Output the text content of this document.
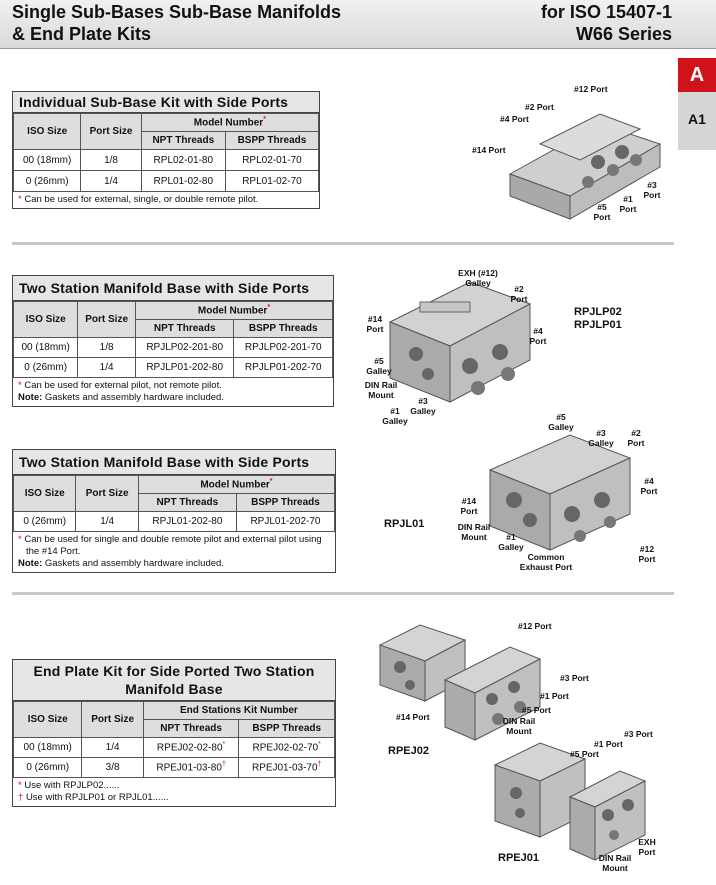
Single Sub-Bases Sub-Base Manifolds
& End Plate Kits
for ISO 15407-1
W66 Series
A
A1
Individual Sub-Base Kit with Side Ports
ISO Size	Port Size	Model Number*
		NPT Threads	BSPP Threads
00 (18mm)	1/8	RPL02-01-80	RPL02-01-70
0 (26mm)	1/4	RPL01-02-80	RPL01-02-70
* Can be used for external, single, or double remote pilot.
#12 Port
#2 Port
#4 Port
#14 Port
#3 Port
#1 Port
#5 Port
Two Station Manifold Base with Side Ports
ISO Size	Port Size	Model Number*
		NPT Threads	BSPP Threads
00 (18mm)	1/8	RPJLP02-201-80	RPJLP02-201-70
0 (26mm)	1/4	RPJLP01-202-80	RPJLP01-202-70
* Can be used for external pilot, not remote pilot.
Note: Gaskets and assembly hardware included.
EXH (#12) Galley
#2 Port
#14 Port	#4 Port
#5 Galley
DIN Rail Mount
#3 Galley
#1 Galley
RPJLP02
RPJLP01
Two Station Manifold Base with Side Ports
ISO Size	Port Size	Model Number*
		NPT Threads	BSPP Threads
0 (26mm)	1/4	RPJL01-202-80	RPJL01-202-70
* Can be used for single and double remote pilot and external pilot using
the #14 Port.
Note: Gaskets and assembly hardware included.
#5 Galley
#3 Galley
#2 Port
#4 Port
#14 Port
DIN Rail Mount	#1 Galley
Common Exhaust Port
#12 Port
RPJL01
End Plate Kit for Side Ported Two Station
Manifold Base
ISO Size	Port Size	End Stations Kit Number	
		NPT Threads	BSPP Threads
00 (18mm)	1/4	RPEJ02-02-80*	RPEJ02-02-70*
0 (26mm)	3/8	RPEJ01-03-80†	RPEJ01-03-70†
* Use with RPJLP02......
† Use with RPJLP01 or RPJL01......
#12 Port
#3 Port
#1 Port
#5 Port
#14 Port	DIN Rail Mount
RPEJ02
#1 Port
#3 Port
#5 Port
EXH Port
DIN Rail Mount
RPEJ01
